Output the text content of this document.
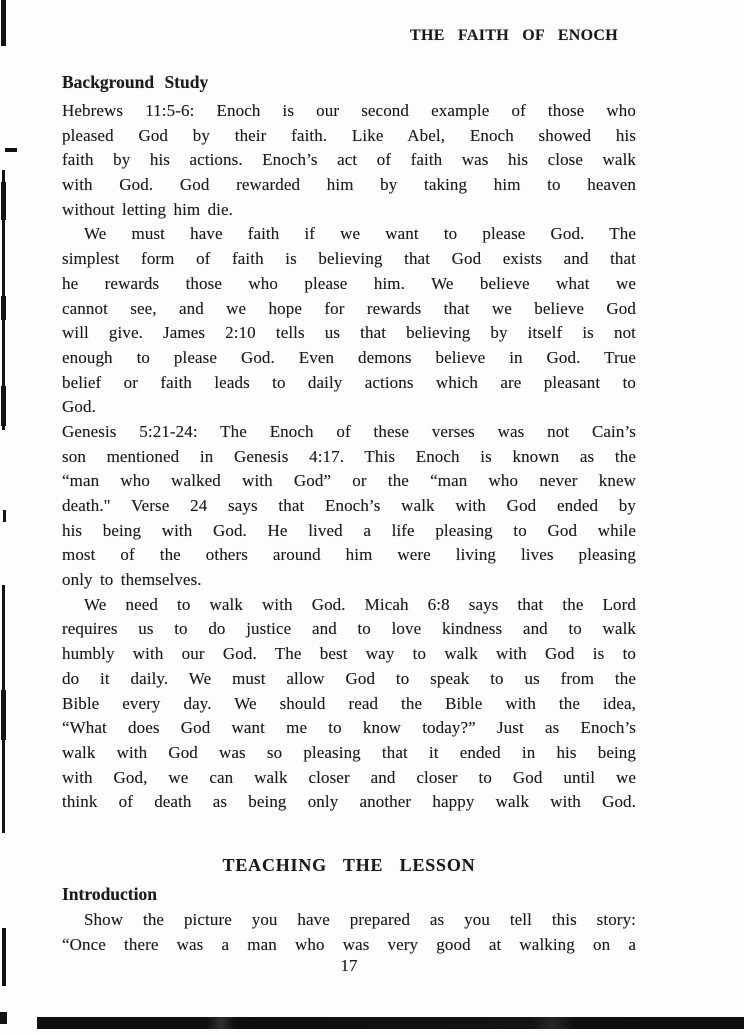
THE FAITH OF ENOCH
Background Study
Hebrews 11:5-6: Enoch is our second example of those who
pleased God by their faith. Like Abel, Enoch showed his
faith by his actions. Enoch’s act of faith was his close walk
with God. God rewarded him by taking him to heaven
without letting him die.
We must have faith if we want to please God. The
simplest form of faith is believing that God exists and that
he rewards those who please him. We believe what we
cannot see, and we hope for rewards that we believe God
will give. James 2:10 tells us that believing by itself is not
enough to please God. Even demons believe in God. True
belief or faith leads to daily actions which are pleasant to
God.
Genesis 5:21-24: The Enoch of these verses was not Cain’s
son mentioned in Genesis 4:17. This Enoch is known as the
“man who walked with God” or the “man who never knew
death." Verse 24 says that Enoch’s walk with God ended by
his being with God. He lived a life pleasing to God while
most of the others around him were living lives pleasing
only to themselves.
We need to walk with God. Micah 6:8 says that the Lord
requires us to do justice and to love kindness and to walk
humbly with our God. The best way to walk with God is to
do it daily. We must allow God to speak to us from the
Bible every day. We should read the Bible with the idea,
“What does God want me to know today?” Just as Enoch’s
walk with God was so pleasing that it ended in his being
with God, we can walk closer and closer to God until we
think of death as being only another happy walk with God.
TEACHING THE LESSON
Introduction
Show the picture you have prepared as you tell this story:
“Once there was a man who was very good at walking on a
17
